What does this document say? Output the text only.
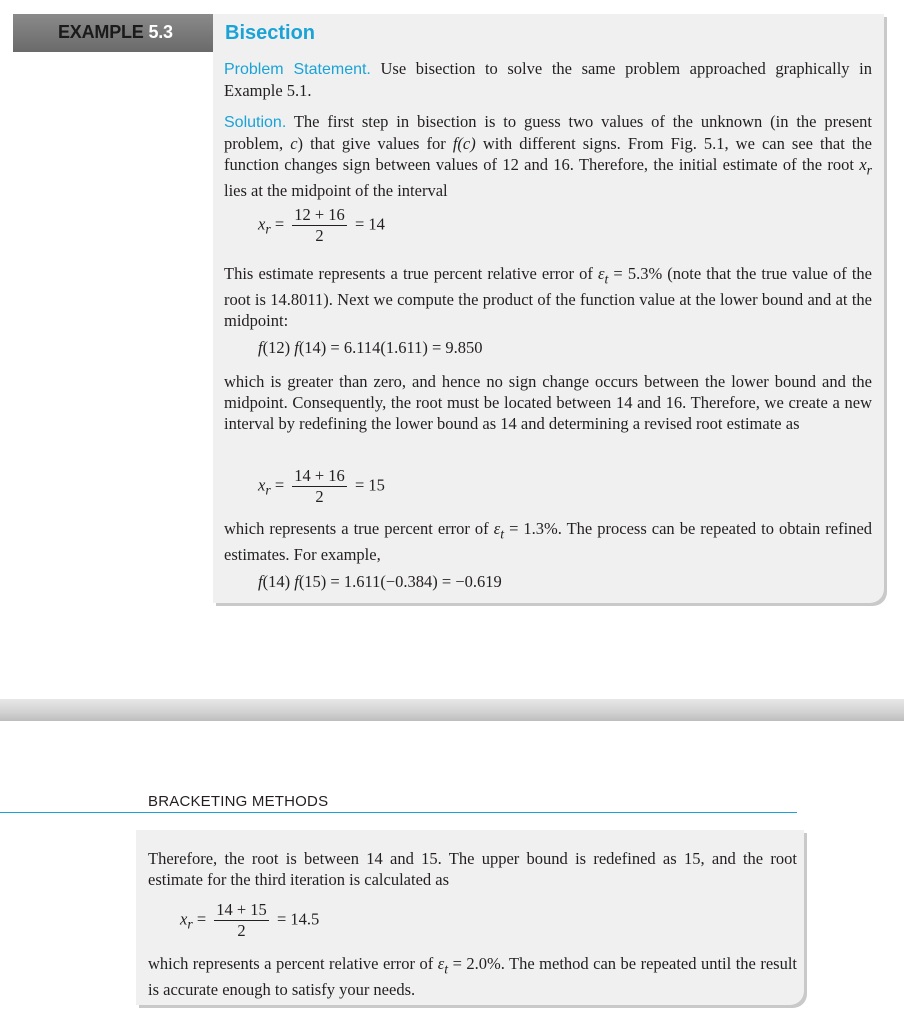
EXAMPLE 5.3	Bisection
Problem Statement. Use bisection to solve the same problem approached graphically in Example 5.1.
Solution. The first step in bisection is to guess two values of the unknown (in the present problem, c) that give values for f(c) with different signs. From Fig. 5.1, we can see that the function changes sign between values of 12 and 16. Therefore, the initial estimate of the root $x_r$ lies at the midpoint of the interval
$x_r = \frac{12 + 16}{2} = 14$
This estimate represents a true percent relative error of $\varepsilon_t = 5.3\%$ (note that the true value of the root is 14.8011). Next we compute the product of the function value at the lower bound and at the midpoint:
f(12) f(14) = 6.114(1.611) = 9.850
which is greater than zero, and hence no sign change occurs between the lower bound and the midpoint. Consequently, the root must be located between 14 and 16. Therefore, we create a new interval by redefining the lower bound as 14 and determining a revised root estimate as
$x_r = \frac{14 + 16}{2} = 15$
which represents a true percent error of $\varepsilon_t = 1.3\%$. The process can be repeated to obtain refined estimates. For example,
f(14) f(15) = 1.611(−0.384) = −0.619
BRACKETING METHODS
Therefore, the root is between 14 and 15. The upper bound is redefined as 15, and the root estimate for the third iteration is calculated as
$x_r = \frac{14 + 15}{2} = 14.5$
which represents a percent relative error of $\varepsilon_t = 2.0\%$. The method can be repeated until the result is accurate enough to satisfy your needs.
